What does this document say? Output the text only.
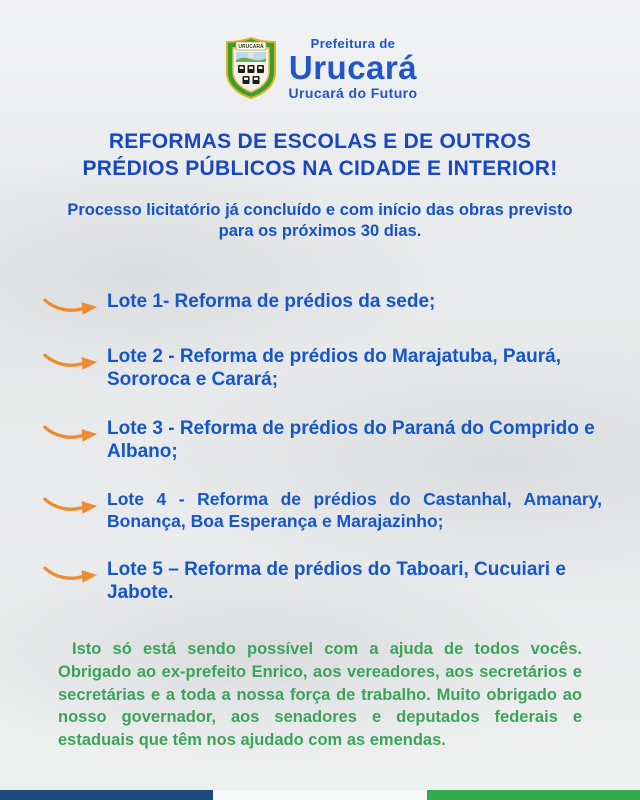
URUCARÁ	Prefeitura de
Urucará
Urucará do Futuro
REFORMAS DE ESCOLAS E DE OUTROS
PRÉDIOS PÚBLICOS NA CIDADE E INTERIOR!
Processo licitatório já concluído e com início das obras previsto para os próximos 30 dias.
Lote 1- Reforma de prédios da sede;
Lote 2 - Reforma de prédios do Marajatuba, Paurá, Sororoca e Carará;
Lote 3 - Reforma de prédios do Paraná do Comprido e Albano;
Lote 4 - Reforma de prédios do Castanhal, Amanary, Bonança, Boa Esperança e Marajazinho;
Lote 5 – Reforma de prédios do Taboari, Cucuiari e Jabote.

Isto só está sendo possível com a ajuda de todos vocês. Obrigado ao ex-prefeito Enrico, aos vereadores, aos secretários e secretárias e a toda a nossa força de trabalho. Muito obrigado ao nosso governador, aos senadores e deputados federais e estaduais que têm nos ajudado com as emendas.
